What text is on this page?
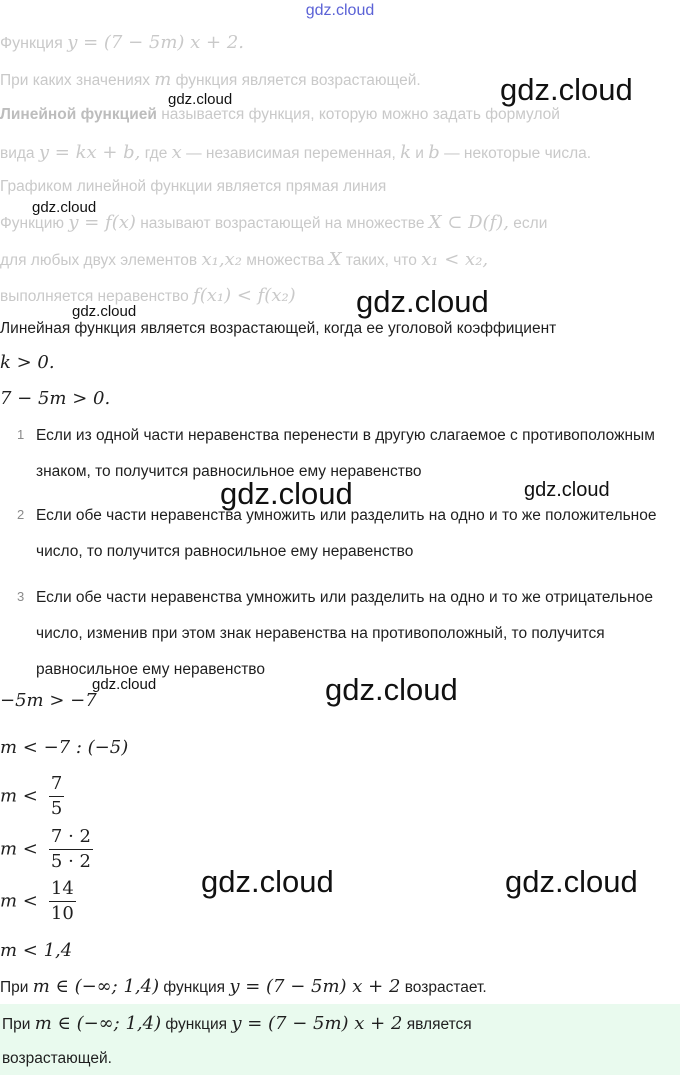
gdz.cloud
Функция y = (7 − 5m) x + 2.
При каких значениях m функция является возрастающей.
Линейной функцией называется функция, которую можно задать формулой
вида y = kx + b, где x — независимая переменная, k и b — некоторые числа.
Графиком линейной функции является прямая линия
Функцию y = f(x) называют возрастающей на множестве X ⊂ D(f), если
для любых двух элементов x₁,x₂ множества X таких, что x₁ < x₂,
выполняется неравенство f(x₁) < f(x₂)
Линейная функция является возрастающей, когда ее уголовой коэффициент
k > 0.
7 − 5m > 0.
1 Если из одной части неравенства перенести в другую слагаемое с противоположным знаком, то получится равносильное ему неравенство
2 Если обе части неравенства умножить или разделить на одно и то же положительное число, то получится равносильное ему неравенство
3 Если обе части неравенства умножить или разделить на одно и то же отрицательное число, изменив при этом знак неравенства на противоположный, то получится равносильное ему неравенство
−5m > −7
m < −7 : (−5)
$m < \frac{7}{5}$
$m < \frac{7 \cdot 2}{5 \cdot 2}$
$m < \frac{14}{10}$
m < 1,4
При m ∈ (−∞; 1,4) функция y = (7 − 5m) x + 2 возрастает.
При m ∈ (−∞; 1,4) функция y = (7 − 5m) x + 2 является
возрастающей.
gdz.cloud
gdz.cloud
gdz.cloud
gdz.cloud
gdz.cloud
gdz.cloud	gdz.cloud
gdz.cloud	gdz.cloud
gdz.cloud	gdz.cloud
